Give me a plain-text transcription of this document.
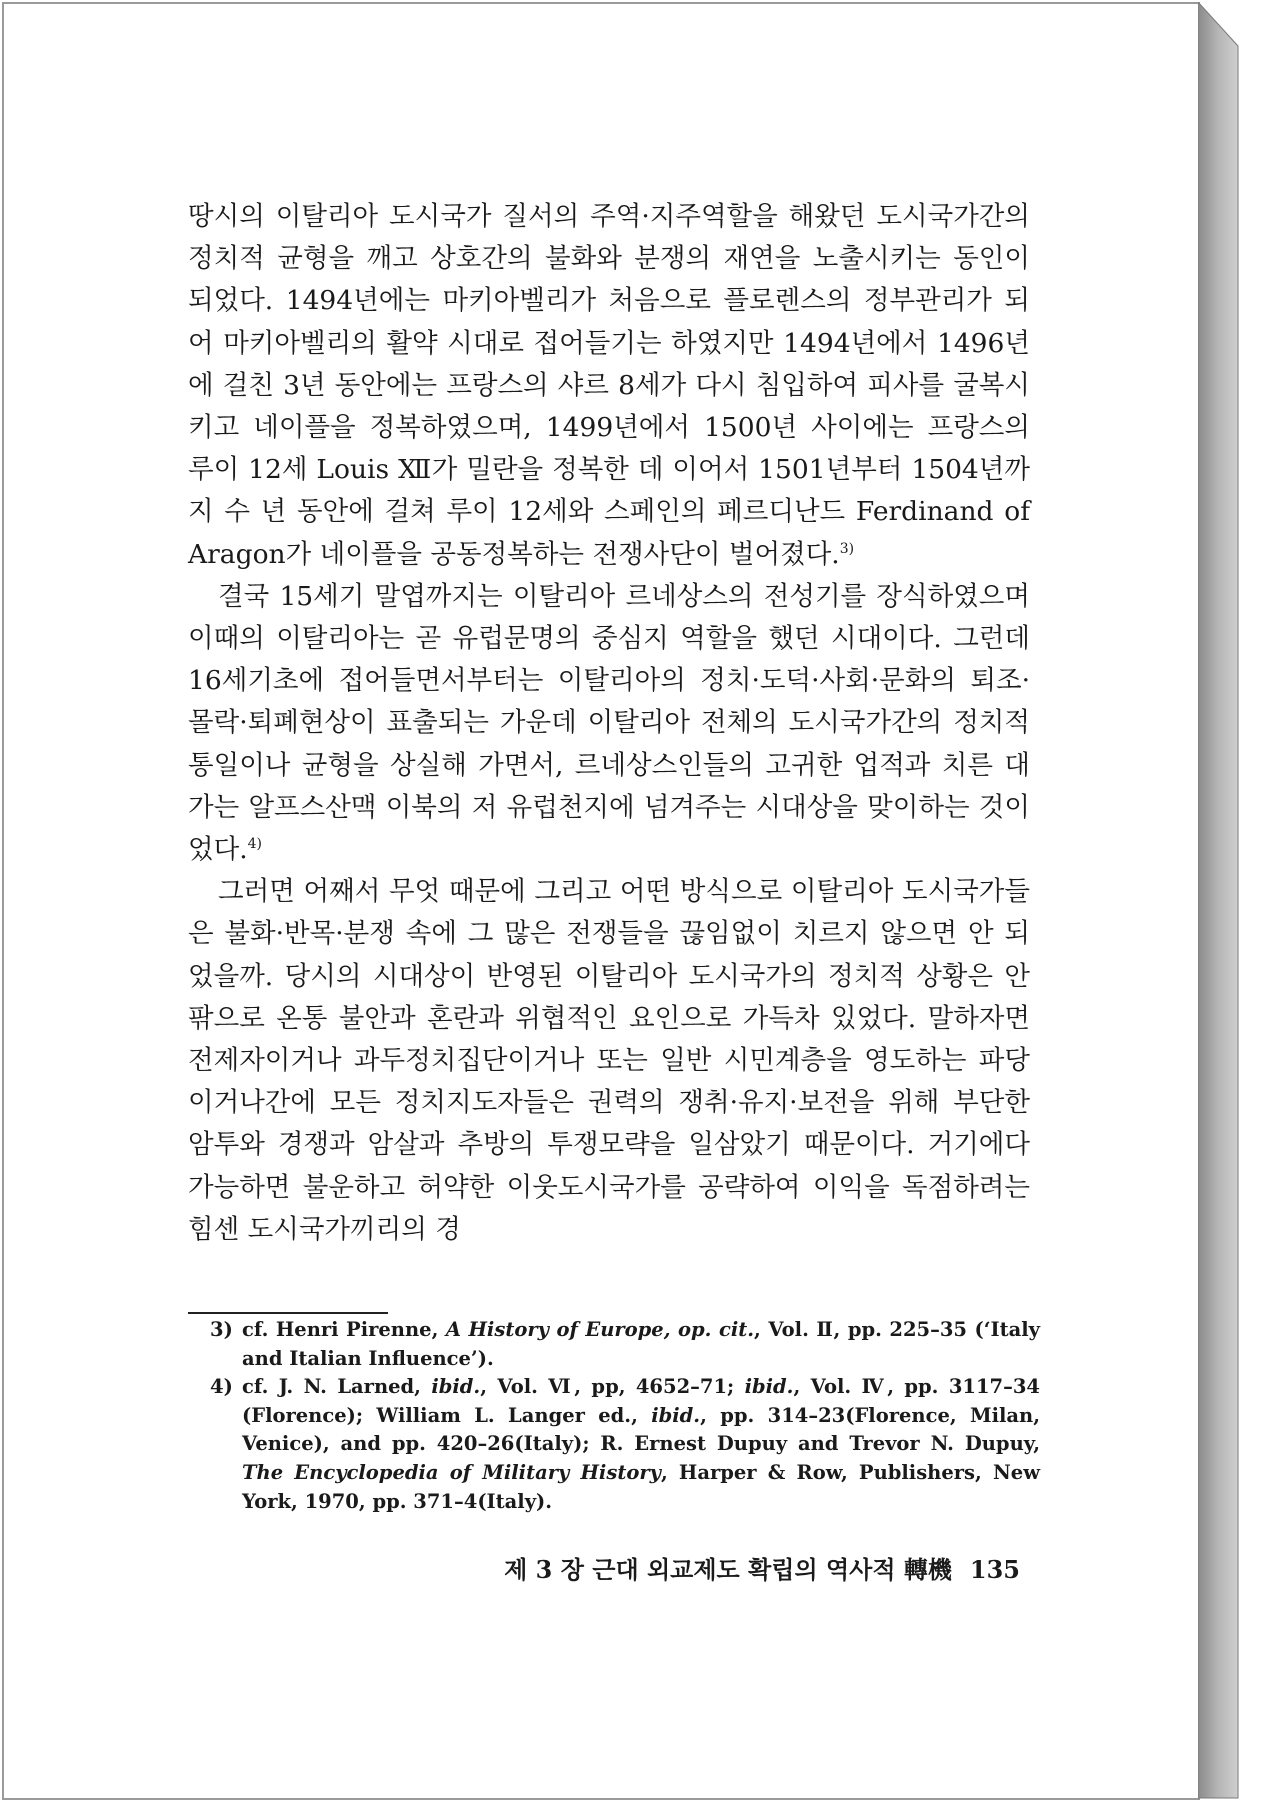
땅시의 이탈리아 도시국가 질서의 주역·지주역할을 해왔던 도시국가간의 정치적 균형을 깨고 상호간의 불화와 분쟁의 재연을 노출시키는 동인이 되었다. 1494년에는 마키아벨리가 처음으로 플로렌스의 정부관리가 되어 마키아벨리의 활약 시대로 접어들기는 하였지만 1494년에서 1496년에 걸친 3년 동안에는 프랑스의 샤르 8세가 다시 침입하여 피사를 굴복시키고 네이플을 정복하였으며, 1499년에서 1500년 사이에는 프랑스의 루이 12세 Louis Ⅻ가 밀란을 정복한 데 이어서 1501년부터 1504년까지 수 년 동안에 걸쳐 루이 12세와 스페인의 페르디난드 Ferdinand of Aragon가 네이플을 공동정복하는 전쟁사단이 벌어졌다.$^{3)}$

결국 15세기 말엽까지는 이탈리아 르네상스의 전성기를 장식하였으며 이때의 이탈리아는 곧 유럽문명의 중심지 역할을 했던 시대이다. 그런데 16세기초에 접어들면서부터는 이탈리아의 정치·도덕·사회·문화의 퇴조·몰락·퇴폐현상이 표출되는 가운데 이탈리아 전체의 도시국가간의 정치적 통일이나 균형을 상실해 가면서, 르네상스인들의 고귀한 업적과 치른 대가는 알프스산맥 이북의 저 유럽천지에 넘겨주는 시대상을 맞이하는 것이었다.$^{4)}$

그러면 어째서 무엇 때문에 그리고 어떤 방식으로 이탈리아 도시국가들은 불화·반목·분쟁 속에 그 많은 전쟁들을 끊임없이 치르지 않으면 안 되었을까. 당시의 시대상이 반영된 이탈리아 도시국가의 정치적 상황은 안팎으로 온통 불안과 혼란과 위협적인 요인으로 가득차 있었다. 말하자면 전제자이거나 과두정치집단이거나 또는 일반 시민계층을 영도하는 파당이거나간에 모든 정치지도자들은 권력의 쟁취·유지·보전을 위해 부단한 암투와 경쟁과 암살과 추방의 투쟁모략을 일삼았기 때문이다. 거기에다 가능하면 불운하고 허약한 이웃도시국가를 공략하여 이익을 독점하려는 힘센 도시국가끼리의 경

3) cf. Henri Pirenne, A History of Europe, op. cit., Vol. Ⅱ, pp. 225–35 (‘Italy and Italian Influence’).

4) cf. J. N. Larned, ibid., Vol. Ⅵ, pp, 4652–71; ibid., Vol. Ⅳ, pp. 3117–34 (Florence); William L. Langer ed., ibid., pp. 314–23(Florence, Milan, Venice), and pp. 420–26(Italy); R. Ernest Dupuy and Trevor N. Dupuy, The Encyclopedia of Military History, Harper & Row, Publishers, New York, 1970, pp. 371–4(Italy).

제 3 장 근대 외교제도 확립의 역사적 轉機 135
